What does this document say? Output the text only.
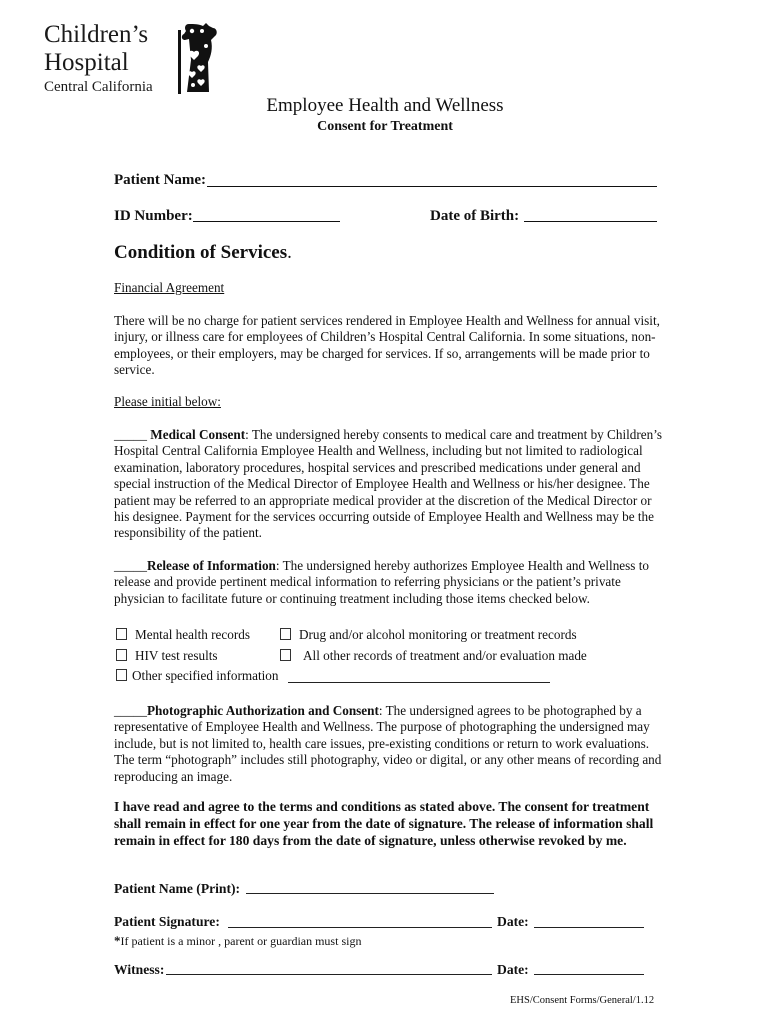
Children’s
Hospital
Central California
Employee Health and Wellness
Consent for Treatment
Patient Name:
ID Number:	Date of Birth:
Condition of Services.
Financial Agreement

There will be no charge for patient services rendered in Employee Health and Wellness for annual visit, injury, or illness care for employees of Children’s Hospital Central California. In some situations, non-employees, or their employers, may be charged for services. If so, arrangements will be made prior to service.

Please initial below:

_____ Medical Consent: The undersigned hereby consents to medical care and treatment by Children’s Hospital Central California Employee Health and Wellness, including but not limited to radiological examination, laboratory procedures, hospital services and prescribed medications under general and special instruction of the Medical Director of Employee Health and Wellness or his/her designee. The patient may be referred to an appropriate medical provider at the discretion of the Medical Director or his designee. Payment for the services occurring outside of Employee Health and Wellness may be the responsibility of the patient.

_____Release of Information: The undersigned hereby authorizes Employee Health and Wellness to release and provide pertinent medical information to referring physicians or the patient’s private physician to facilitate future or continuing treatment including those items checked below.

Mental health records	Drug and/or alcohol monitoring or treatment records
HIV test results	All other records of treatment and/or evaluation made
Other specified information

_____Photographic Authorization and Consent: The undersigned agrees to be photographed by a representative of Employee Health and Wellness. The purpose of photographing the undersigned may include, but is not limited to, health care issues, pre-existing conditions or return to work evaluations. The term “photograph” includes still photography, video or digital, or any other means of recording and reproducing an image.

I have read and agree to the terms and conditions as stated above. The consent for treatment shall remain in effect for one year from the date of signature. The release of information shall remain in effect for 180 days from the date of signature, unless otherwise revoked by me.
Patient Name (Print):
Patient Signature:	Date:
*If patient is a minor , parent or guardian must sign
Witness:	Date:
EHS/Consent Forms/General/1.12
